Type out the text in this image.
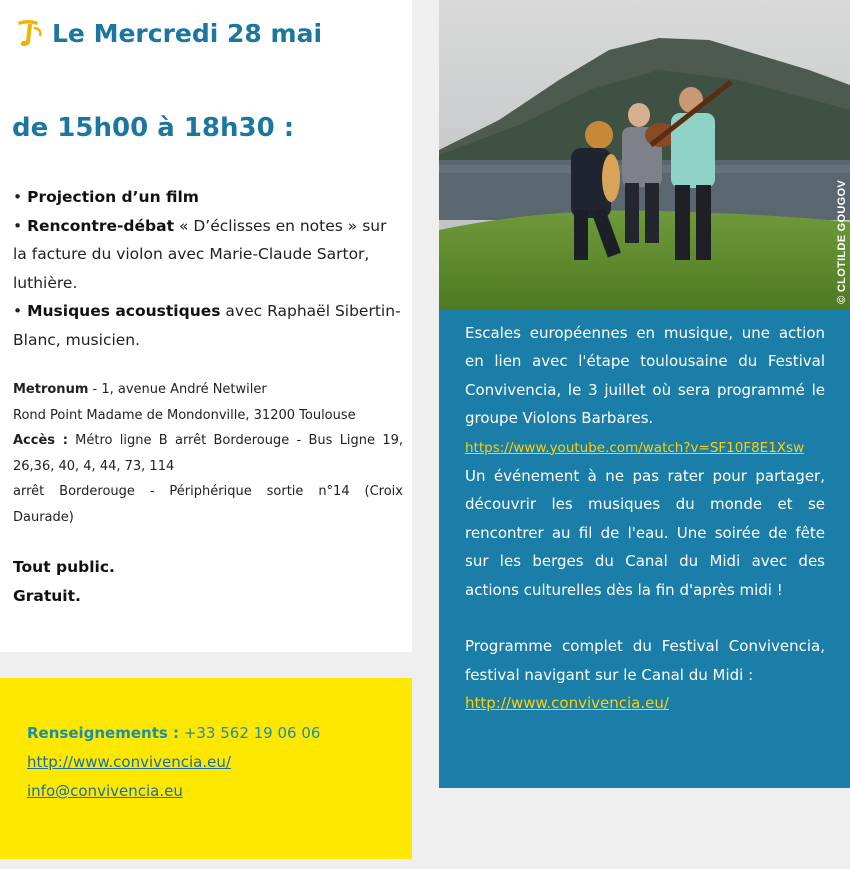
Le Mercredi 28 mai
de 15h00 à 18h30 :

• Projection d’un film

• Rencontre-débat « D’éclisses en notes » sur la facture du violon avec Marie-Claude Sartor, luthière.

• Musiques acoustiques avec Raphaël Sibertin-Blanc, musicien.

Metronum - 1, avenue André Netwiler

Rond Point Madame de Mondonville, 31200 Toulouse

Accès : Métro ligne B arrêt Borderouge - Bus Ligne 19, 26,36, 40, 4, 44, 73, 114

arrêt Borderouge - Périphérique sortie n°14 (Croix Daurade)

Tout public.

Gratuit.

Renseignements : +33 562 19 06 06

http://www.convivencia.eu/

info@convivencia.eu

© CLOTILDE GOUGOV

Escales européennes en musique, une action en lien avec l'étape toulousaine du Festival Convivencia, le 3 juillet où sera programmé le groupe Violons Barbares.

https://www.youtube.com/watch?v=SF10F8E1Xsw

Un événement à ne pas rater pour partager, découvrir les musiques du monde et se rencontrer au fil de l'eau. Une soirée de fête sur les berges du Canal du Midi avec des actions culturelles dès la fin d'après midi !

Programme complet du Festival Convivencia, festival navigant sur le Canal du Midi :

http://www.convivencia.eu/
